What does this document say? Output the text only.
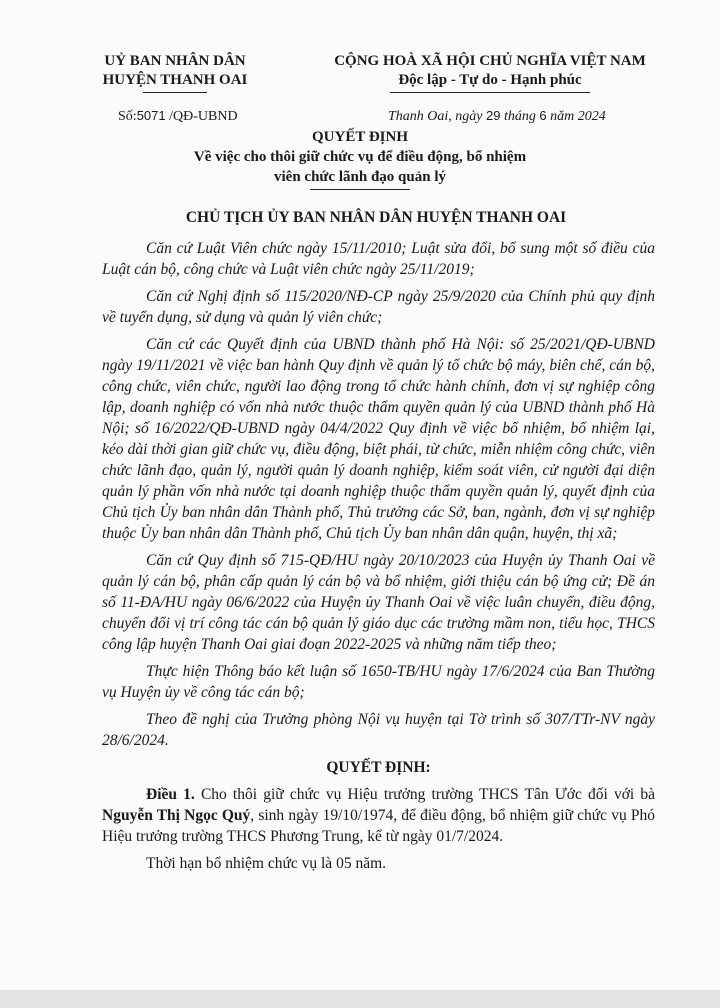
UỶ BAN NHÂN DÂN
HUYỆN THANH OAI
CỘNG HOÀ XÃ HỘI CHỦ NGHĨA VIỆT NAM
Độc lập - Tự do - Hạnh phúc
Số:5071 /QĐ-UBND	Thanh Oai, ngày 29 tháng 6 năm 2024
QUYẾT ĐỊNH
Về việc cho thôi giữ chức vụ để điều động, bổ nhiệm
viên chức lãnh đạo quản lý
CHỦ TỊCH ỦY BAN NHÂN DÂN HUYỆN THANH OAI

Căn cứ Luật Viên chức ngày 15/11/2010; Luật sửa đổi, bổ sung một số điều của Luật cán bộ, công chức và Luật viên chức ngày 25/11/2019;

Căn cứ Nghị định số 115/2020/NĐ-CP ngày 25/9/2020 của Chính phủ quy định về tuyển dụng, sử dụng và quản lý viên chức;

Căn cứ các Quyết định của UBND thành phố Hà Nội: số 25/2021/QĐ-UBND ngày 19/11/2021 về việc ban hành Quy định về quản lý tổ chức bộ máy, biên chế, cán bộ, công chức, viên chức, người lao động trong tổ chức hành chính, đơn vị sự nghiệp công lập, doanh nghiệp có vốn nhà nước thuộc thẩm quyền quản lý của UBND thành phố Hà Nội; số 16/2022/QĐ-UBND ngày 04/4/2022 Quy định về việc bổ nhiệm, bổ nhiệm lại, kéo dài thời gian giữ chức vụ, điều động, biệt phái, từ chức, miễn nhiệm công chức, viên chức lãnh đạo, quản lý, người quản lý doanh nghiệp, kiểm soát viên, cử người đại diện quản lý phần vốn nhà nước tại doanh nghiệp thuộc thẩm quyền quản lý, quyết định của Chủ tịch Ủy ban nhân dân Thành phố, Thủ trưởng các Sở, ban, ngành, đơn vị sự nghiệp thuộc Ủy ban nhân dân Thành phố, Chủ tịch Ủy ban nhân dân quận, huyện, thị xã;

Căn cứ Quy định số 715-QĐ/HU ngày 20/10/2023 của Huyện ủy Thanh Oai về quản lý cán bộ, phân cấp quản lý cán bộ và bổ nhiệm, giới thiệu cán bộ ứng cử; Đề án số 11-ĐA/HU ngày 06/6/2022 của Huyện ủy Thanh Oai về việc luân chuyển, điều động, chuyển đổi vị trí công tác cán bộ quản lý giáo dục các trường mầm non, tiểu học, THCS công lập huyện Thanh Oai giai đoạn 2022-2025 và những năm tiếp theo;

Thực hiện Thông báo kết luận số 1650-TB/HU ngày 17/6/2024 của Ban Thường vụ Huyện ủy về công tác cán bộ;

Theo đề nghị của Trưởng phòng Nội vụ huyện tại Tờ trình số 307/TTr-NV ngày 28/6/2024.

QUYẾT ĐỊNH:

Điều 1. Cho thôi giữ chức vụ Hiệu trưởng trường THCS Tân Ước đối với bà Nguyễn Thị Ngọc Quý, sinh ngày 19/10/1974, để điều động, bổ nhiệm giữ chức vụ Phó Hiệu trưởng trường THCS Phương Trung, kể từ ngày 01/7/2024.

Thời hạn bổ nhiệm chức vụ là 05 năm.
